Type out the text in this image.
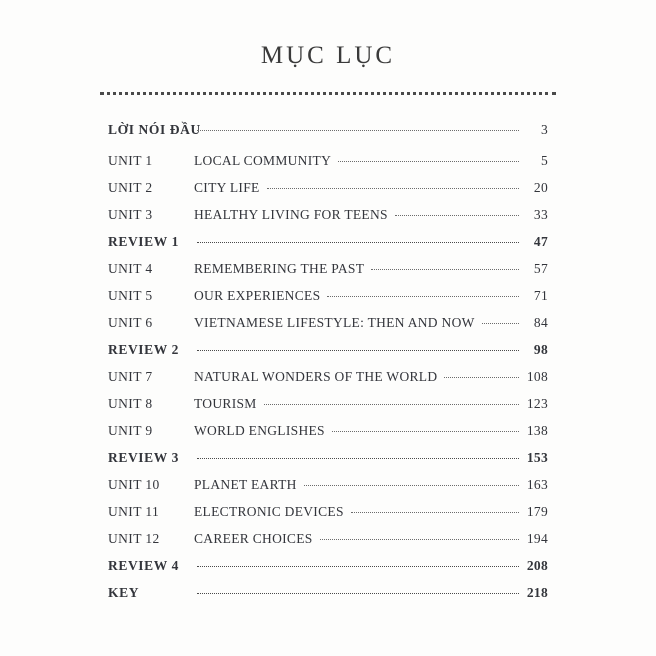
MỤC LỤC
LỜI NÓI ĐẦU	3
UNIT 1	LOCAL COMMUNITY	5
UNIT 2	CITY LIFE	20
UNIT 3	HEALTHY LIVING FOR TEENS	33
REVIEW 1	47
UNIT 4	REMEMBERING THE PAST	57
UNIT 5	OUR EXPERIENCES	71
UNIT 6	VIETNAMESE LIFESTYLE: THEN AND NOW	84
REVIEW 2	98
UNIT 7	NATURAL WONDERS OF THE WORLD	108
UNIT 8	TOURISM	123
UNIT 9	WORLD ENGLISHES	138
REVIEW 3	153
UNIT 10	PLANET EARTH	163
UNIT 11	ELECTRONIC DEVICES	179
UNIT 12	CAREER CHOICES	194
REVIEW 4	208
KEY	218
